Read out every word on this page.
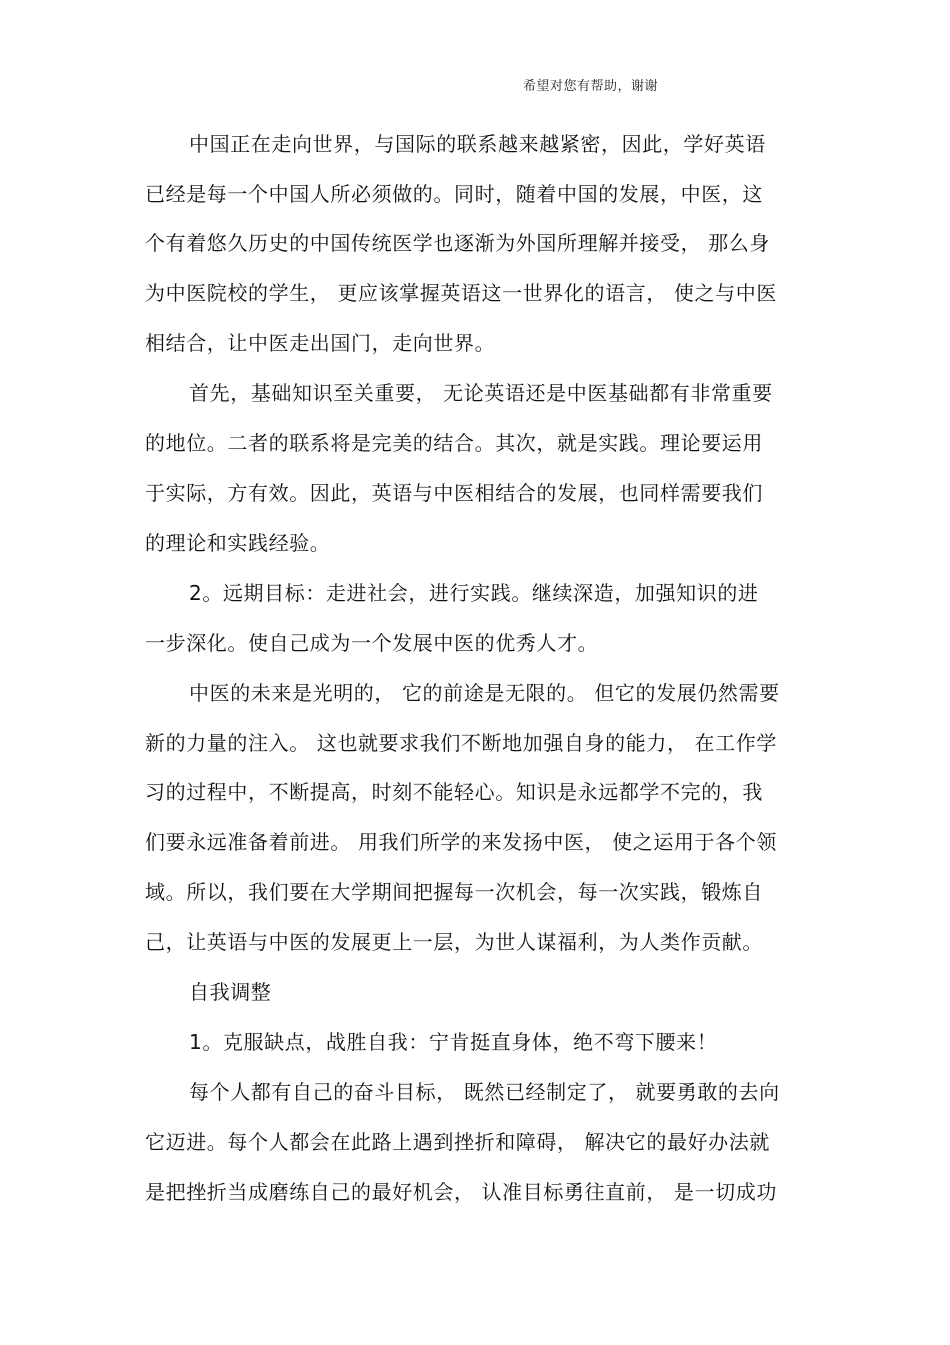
希望对您有帮助，谢谢
中国正在走向世界，与国际的联系越来越紧密，因此，学好英语
已经是每一个中国人所必须做的。同时，随着中国的发展，中医，这
个有着悠久历史的中国传统医学也逐渐为外国所理解并接受， 那么身
为中医院校的学生， 更应该掌握英语这一世界化的语言， 使之与中医
相结合，让中医走出国门，走向世界。
首先，基础知识至关重要， 无论英语还是中医基础都有非常重要
的地位。二者的联系将是完美的结合。其次，就是实践。理论要运用
于实际，方有效。因此，英语与中医相结合的发展，也同样需要我们
的理论和实践经验。
2。远期目标：走进社会，进行实践。继续深造，加强知识的进
一步深化。使自己成为一个发展中医的优秀人才。
中医的未来是光明的， 它的前途是无限的。 但它的发展仍然需要
新的力量的注入。 这也就要求我们不断地加强自身的能力， 在工作学
习的过程中，不断提高，时刻不能轻心。知识是永远都学不完的，我
们要永远准备着前进。 用我们所学的来发扬中医， 使之运用于各个领
域。所以，我们要在大学期间把握每一次机会，每一次实践，锻炼自
己，让英语与中医的发展更上一层，为世人谋福利，为人类作贡献。
自我调整
1。克服缺点，战胜自我：宁肯挺直身体，绝不弯下腰来！
每个人都有自己的奋斗目标， 既然已经制定了， 就要勇敢的去向
它迈进。每个人都会在此路上遇到挫折和障碍， 解决它的最好办法就
是把挫折当成磨练自己的最好机会， 认准目标勇往直前， 是一切成功
